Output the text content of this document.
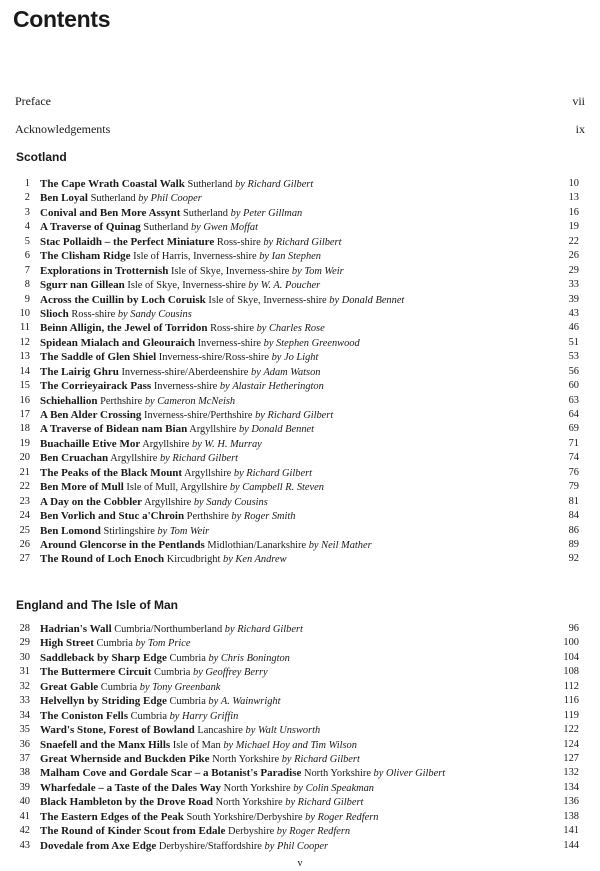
Contents
Preface	vii
Acknowledgements	ix
Scotland
1 The Cape Wrath Coastal Walk Sutherland by Richard Gilbert	10
2 Ben Loyal Sutherland by Phil Cooper	13
3 Conival and Ben More Assynt Sutherland by Peter Gillman	16
4 A Traverse of Quinag Sutherland by Gwen Moffat	19
5 Stac Pollaidh – the Perfect Miniature Ross-shire by Richard Gilbert	22
6 The Clisham Ridge Isle of Harris, Inverness-shire by Ian Stephen	26
7 Explorations in Trotternish Isle of Skye, Inverness-shire by Tom Weir	29
8 Sgurr nan Gillean Isle of Skye, Inverness-shire by W. A. Poucher	33
9 Across the Cuillin by Loch Coruisk Isle of Skye, Inverness-shire by Donald Bennet	39
10 Slioch Ross-shire by Sandy Cousins	43
11 Beinn Alligin, the Jewel of Torridon Ross-shire by Charles Rose	46
12 Spidean Mialach and Gleouraich Inverness-shire by Stephen Greenwood	51
13 The Saddle of Glen Shiel Inverness-shire/Ross-shire by Jo Light	53
14 The Lairig Ghru Inverness-shire/Aberdeenshire by Adam Watson	56
15 The Corrieyairack Pass Inverness-shire by Alastair Hetherington	60
16 Schiehallion Perthshire by Cameron McNeish	63
17 A Ben Alder Crossing Inverness-shire/Perthshire by Richard Gilbert	64
18 A Traverse of Bidean nam Bian Argyllshire by Donald Bennet	69
19 Buachaille Etive Mor Argyllshire by W. H. Murray	71
20 Ben Cruachan Argyllshire by Richard Gilbert	74
21 The Peaks of the Black Mount Argyllshire by Richard Gilbert	76
22 Ben More of Mull Isle of Mull, Argyllshire by Campbell R. Steven	79
23 A Day on the Cobbler Argyllshire by Sandy Cousins	81
24 Ben Vorlich and Stuc a'Chroin Perthshire by Roger Smith	84
25 Ben Lomond Stirlingshire by Tom Weir	86
26 Around Glencorse in the Pentlands Midlothian/Lanarkshire by Neil Mather	89
27 The Round of Loch Enoch Kircudbright by Ken Andrew	92
England and The Isle of Man
28 Hadrian's Wall Cumbria/Northumberland by Richard Gilbert	96
29 High Street Cumbria by Tom Price	100
30 Saddleback by Sharp Edge Cumbria by Chris Bonington	104
31 The Buttermere Circuit Cumbria by Geoffrey Berry	108
32 Great Gable Cumbria by Tony Greenbank	112
33 Helvellyn by Striding Edge Cumbria by A. Wainwright	116
34 The Coniston Fells Cumbria by Harry Griffin	119
35 Ward's Stone, Forest of Bowland Lancashire by Walt Unsworth	122
36 Snaefell and the Manx Hills Isle of Man by Michael Hoy and Tim Wilson	124
37 Great Whernside and Buckden Pike North Yorkshire by Richard Gilbert	127
38 Malham Cove and Gordale Scar – a Botanist's Paradise North Yorkshire by Oliver Gilbert	132
39 Wharfedale – a Taste of the Dales Way North Yorkshire by Colin Speakman	134
40 Black Hambleton by the Drove Road North Yorkshire by Richard Gilbert	136
41 The Eastern Edges of the Peak South Yorkshire/Derbyshire by Roger Redfern	138
42 The Round of Kinder Scout from Edale Derbyshire by Roger Redfern	141
43 Dovedale from Axe Edge Derbyshire/Staffordshire by Phil Cooper	144
v
